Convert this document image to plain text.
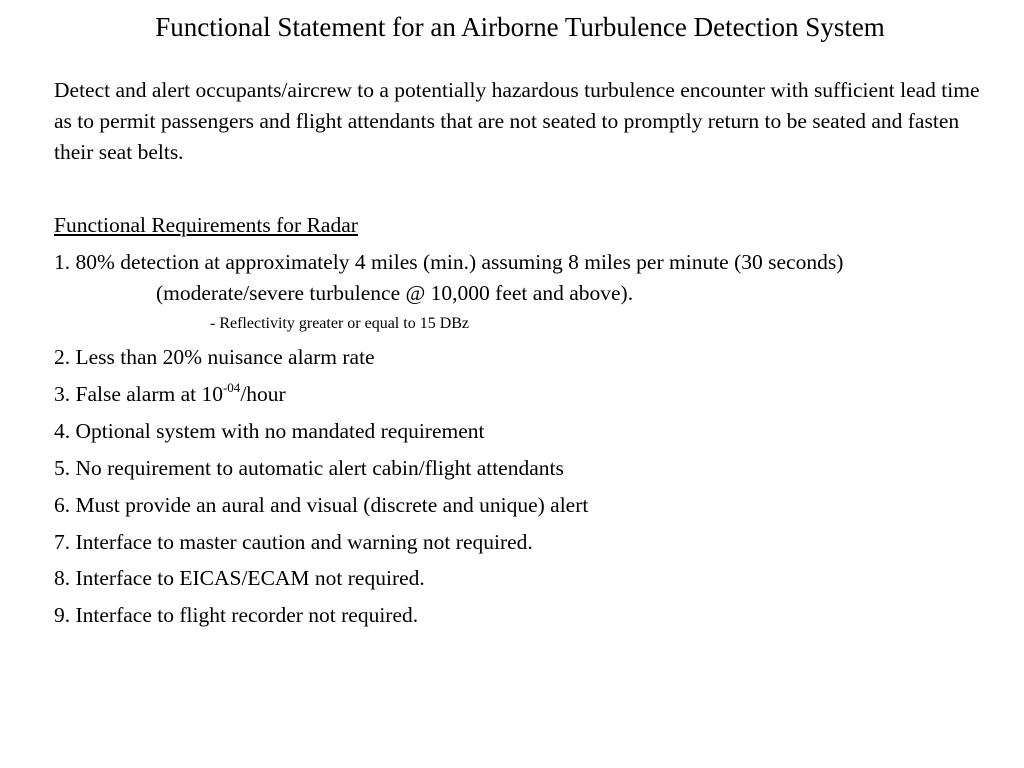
Functional Statement for an Airborne Turbulence Detection System
Detect and alert occupants/aircrew to a potentially hazardous turbulence encounter with sufficient lead time as to permit passengers and flight attendants that are not seated to promptly return to be seated and fasten their seat belts.
Functional Requirements for Radar
1. 80% detection at approximately 4 miles (min.) assuming 8 miles per minute (30 seconds) (moderate/severe turbulence @ 10,000 feet and above).
- Reflectivity greater or equal to 15 DBz
2. Less than 20% nuisance alarm rate
3. False alarm at $10^{-04}$/hour
4. Optional system with no mandated requirement
5. No requirement to automatic alert cabin/flight attendants
6. Must provide an aural and visual (discrete and unique) alert
7. Interface to master caution and warning not required.
8. Interface to EICAS/ECAM not required.
9. Interface to flight recorder not required.
